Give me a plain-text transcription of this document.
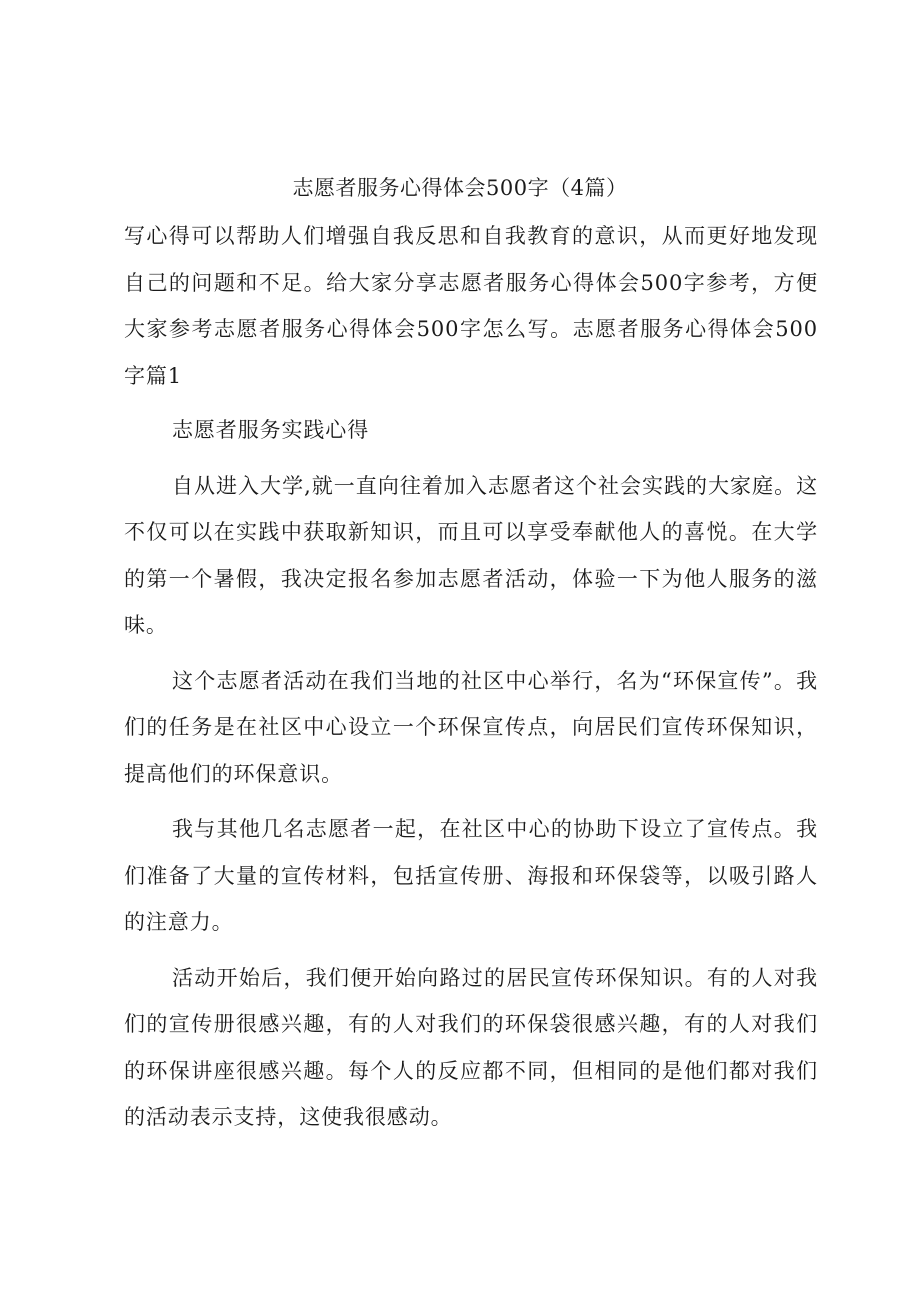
志愿者服务心得体会500字（4篇）

写心得可以帮助人们增强自我反思和自我教育的意识，从而更好地发现自己的问题和不足。给大家分享志愿者服务心得体会500字参考，方便大家参考志愿者服务心得体会500字怎么写。志愿者服务心得体会500字篇1

志愿者服务实践心得

自从进入大学,就一直向往着加入志愿者这个社会实践的大家庭。这不仅可以在实践中获取新知识，而且可以享受奉献他人的喜悦。在大学的第一个暑假，我决定报名参加志愿者活动，体验一下为他人服务的滋味。

这个志愿者活动在我们当地的社区中心举行，名为“环保宣传”。我们的任务是在社区中心设立一个环保宣传点，向居民们宣传环保知识，提高他们的环保意识。

我与其他几名志愿者一起，在社区中心的协助下设立了宣传点。我们准备了大量的宣传材料，包括宣传册、海报和环保袋等，以吸引路人的注意力。

活动开始后，我们便开始向路过的居民宣传环保知识。有的人对我们的宣传册很感兴趣，有的人对我们的环保袋很感兴趣，有的人对我们的环保讲座很感兴趣。每个人的反应都不同，但相同的是他们都对我们的活动表示支持，这使我很感动。
